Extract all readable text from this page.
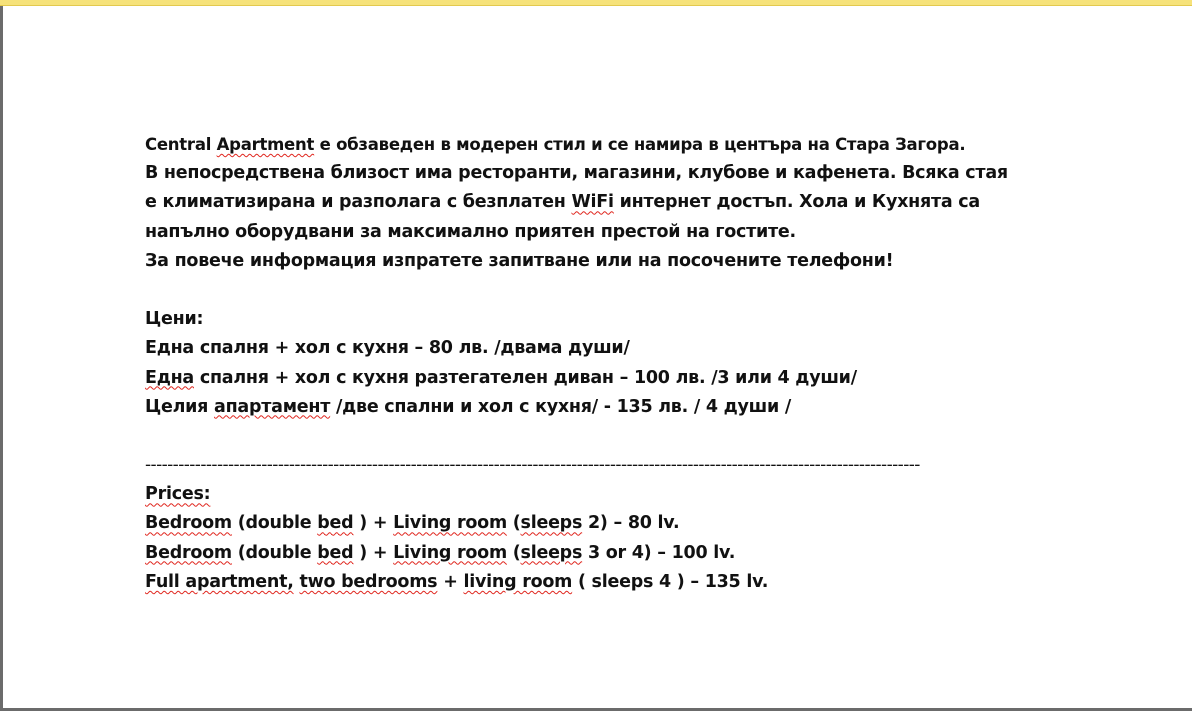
Central Apartment е обзаведен в модерен стил и се намира в центъра на Стара Загора.
В непосредствена близост има ресторанти, магазини, клубове и кафенета. Всяка стая
е климатизирана и разполага с безплатен WiFi интернет достъп. Хола и Кухнята са
напълно оборудвани за максимално приятен престой на гостите.
За повече информация изпратете запитване или на посочените телефони!
Цени:
Една спалня + хол с кухня – 80 лв. /двама души/
Една спалня + хол с кухня разтегателен диван – 100 лв. /3 или 4 души/
Целия апартамент /две спални и хол с кухня/ - 135 лв. / 4 души /
--------------------------------------------------------------------------------------------------------------------------------------------
Prices:
Bedroom (double bed ) + Living room (sleeps 2) – 80 lv.
Bedroom (double bed ) + Living room (sleeps 3 or 4) – 100 lv.
Full apartment, two bedrooms + living room ( sleeps 4 ) – 135 lv.
